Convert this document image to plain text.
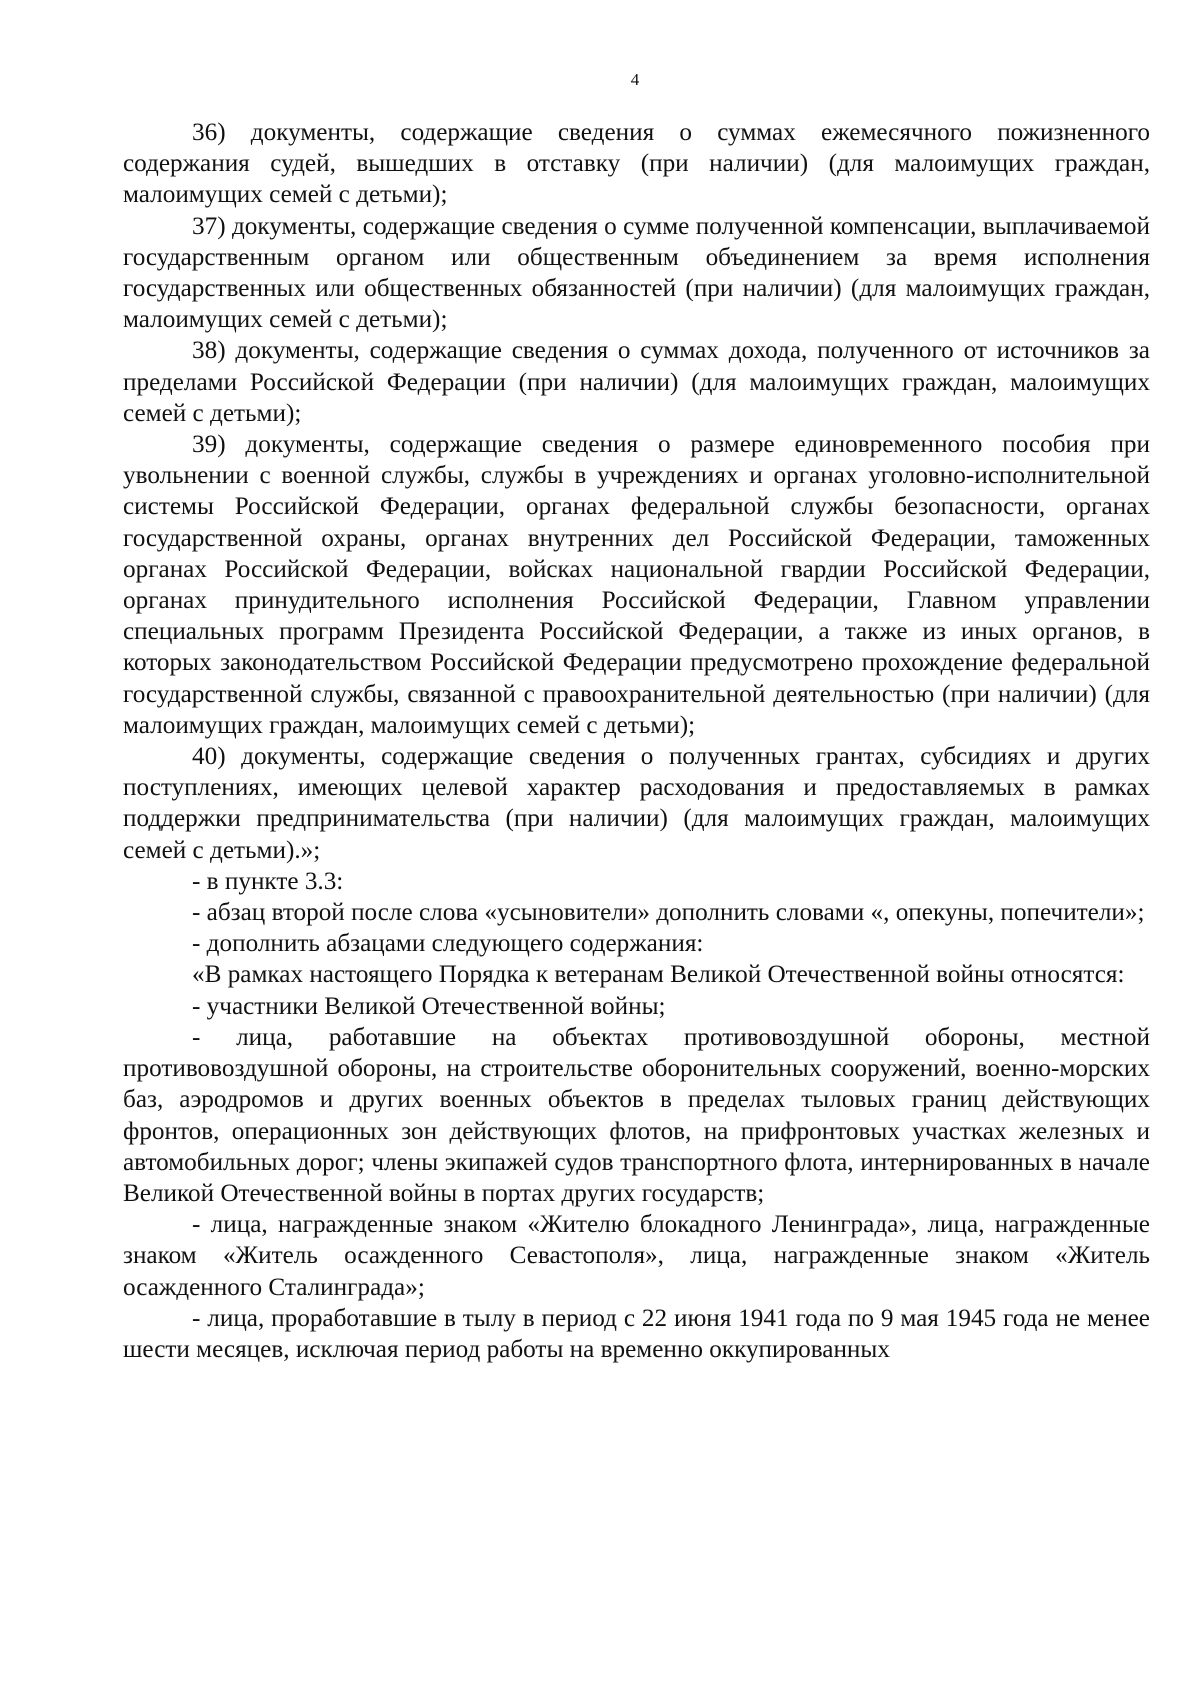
4

36) документы, содержащие сведения о суммах ежемесячного пожизненного содержания судей, вышедших в отставку (при наличии) (для малоимущих граждан, малоимущих семей с детьми);

37) документы, содержащие сведения о сумме полученной компенсации, выплачиваемой государственным органом или общественным объединением за время исполнения государственных или общественных обязанностей (при наличии) (для малоимущих граждан, малоимущих семей с детьми);

38) документы, содержащие сведения о суммах дохода, полученного от источников за пределами Российской Федерации (при наличии) (для малоимущих граждан, малоимущих семей с детьми);

39) документы, содержащие сведения о размере единовременного пособия при увольнении с военной службы, службы в учреждениях и органах уголовно-исполнительной системы Российской Федерации, органах федеральной службы безопасности, органах государственной охраны, органах внутренних дел Российской Федерации, таможенных органах Российской Федерации, войсках национальной гвардии Российской Федерации, органах принудительного исполнения Российской Федерации, Главном управлении специальных программ Президента Российской Федерации, а также из иных органов, в которых законодательством Российской Федерации предусмотрено прохождение федеральной государственной службы, связанной с правоохранительной деятельностью (при наличии) (для малоимущих граждан, малоимущих семей с детьми);

40) документы, содержащие сведения о полученных грантах, субсидиях и других поступлениях, имеющих целевой характер расходования и предоставляемых в рамках поддержки предпринимательства (при наличии) (для малоимущих граждан, малоимущих семей с детьми).»;

- в пункте 3.3:

- абзац второй после слова «усыновители» дополнить словами «, опекуны, попечители»;

- дополнить абзацами следующего содержания:

«В рамках настоящего Порядка к ветеранам Великой Отечественной войны относятся:

- участники Великой Отечественной войны;

- лица, работавшие на объектах противовоздушной обороны, местной противовоздушной обороны, на строительстве оборонительных сооружений, военно-морских баз, аэродромов и других военных объектов в пределах тыловых границ действующих фронтов, операционных зон действующих флотов, на прифронтовых участках железных и автомобильных дорог; члены экипажей судов транспортного флота, интернированных в начале Великой Отечественной войны в портах других государств;

- лица, награжденные знаком «Жителю блокадного Ленинграда», лица, награжденные знаком «Житель осажденного Севастополя», лица, награжденные знаком «Житель осажденного Сталинграда»;

- лица, проработавшие в тылу в период с 22 июня 1941 года по 9 мая 1945 года не менее шести месяцев, исключая период работы на временно оккупированных
